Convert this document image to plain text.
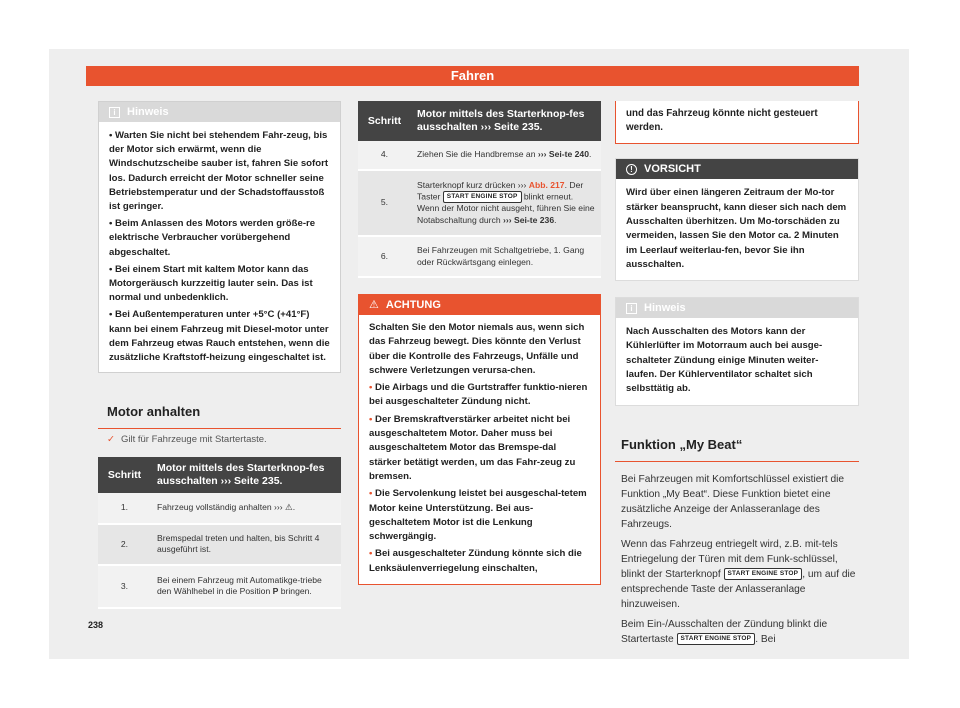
Fahren
i	Hinweis

• Warten Sie nicht bei stehendem Fahr-zeug, bis der Motor sich erwärmt, wenn die Windschutzscheibe sauber ist, fahren Sie sofort los. Dadurch erreicht der Motor schneller seine Betriebstemperatur und der Schadstoffausstoß ist geringer.

• Beim Anlassen des Motors werden größe-re elektrische Verbraucher vorübergehend abgeschaltet.

• Bei einem Start mit kaltem Motor kann das Motorgeräusch kurzzeitig lauter sein. Das ist normal und unbedenklich.

• Bei Außentemperaturen unter +5°C (+41°F) kann bei einem Fahrzeug mit Diesel-motor unter dem Fahrzeug etwas Rauch entstehen, wenn die zusätzliche Kraftstoff-heizung eingeschaltet ist.

Motor anhalten
✓ Gilt für Fahrzeuge mit Startertaste.
Schritt	Motor mittels des Starterknop-fes ausschalten ››› Seite 235.
1.	Fahrzeug vollständig anhalten ››› ⚠.
2.	Bremspedal treten und halten, bis Schritt 4 ausgeführt ist.
3.	Bei einem Fahrzeug mit Automatikge-triebe den Wählhebel in die Position P bringen.
Schritt	Motor mittels des Starterknop-fes ausschalten ››› Seite 235.
4.	Ziehen Sie die Handbremse an ››› Sei-te 240.
5.	Starterknopf kurz drücken ››› Abb. 217. Der Taster START ENGINE STOP blinkt erneut. Wenn der Motor nicht ausgeht, führen Sie eine Notabschaltung durch ››› Sei-te 236.
6.	Bei Fahrzeugen mit Schaltgetriebe, 1. Gang oder Rückwärtsgang einlegen.
⚠ ACHTUNG

Schalten Sie den Motor niemals aus, wenn sich das Fahrzeug bewegt. Dies könnte den Verlust über die Kontrolle des Fahrzeugs, Unfälle und schwere Verletzungen verursa-chen.

• Die Airbags und die Gurtstraffer funktio-nieren bei ausgeschalteter Zündung nicht.

• Der Bremskraftverstärker arbeitet nicht bei ausgeschaltetem Motor. Daher muss bei ausgeschaltetem Motor das Bremspe-dal stärker betätigt werden, um das Fahr-zeug zu bremsen.

• Die Servolenkung leistet bei ausgeschal-tetem Motor keine Unterstützung. Bei aus-geschaltetem Motor ist die Lenkung schwergängig.

• Bei ausgeschalteter Zündung könnte sich die Lenksäulenverriegelung einschalten,

und das Fahrzeug könnte nicht gesteuert werden.
!	VORSICHT
Wird über einen längeren Zeitraum der Mo-tor stärker beansprucht, kann dieser sich nach dem Ausschalten überhitzen. Um Mo-torschäden zu vermeiden, lassen Sie den Motor ca. 2 Minuten im Leerlauf weiterlau-fen, bevor Sie ihn ausschalten.
i	Hinweis
Nach Ausschalten des Motors kann der Kühlerlüfter im Motorraum auch bei ausge-schalteter Zündung einige Minuten weiter-laufen. Der Kühlerventilator schaltet sich selbsttätig ab.
Funktion „My Beat“

Bei Fahrzeugen mit Komfortschlüssel existiert die Funktion „My Beat“. Diese Funktion bietet eine zusätzliche Anzeige der Anlasseranlage des Fahrzeugs.

Wenn das Fahrzeug entriegelt wird, z.B. mit-tels Entriegelung der Türen mit dem Funk-schlüssel, blinkt der Starterknopf START ENGINE STOP , um auf die entsprechende Taste der Anlasseranlage hinzuweisen.

Beim Ein-/Ausschalten der Zündung blinkt die Startertaste START ENGINE STOP . Bei

238
